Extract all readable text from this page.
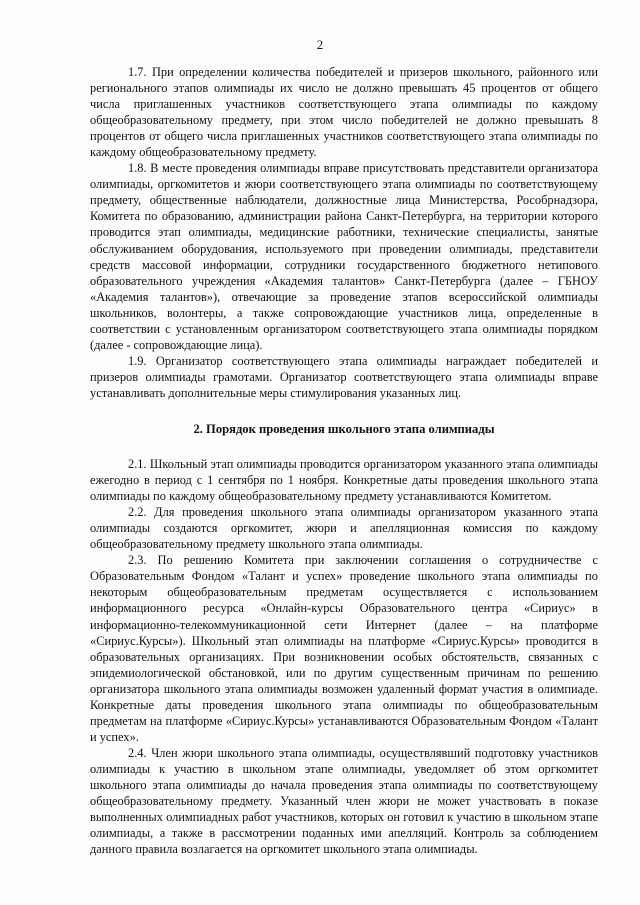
2

1.7. При определении количества победителей и призеров школьного, районного или регионального этапов олимпиады их число не должно превышать 45 процентов от общего числа приглашенных участников соответствующего этапа олимпиады по каждому общеобразовательному предмету, при этом число победителей не должно превышать 8 процентов от общего числа приглашенных участников соответствующего этапа олимпиады по каждому общеобразовательному предмету.

1.8. В месте проведения олимпиады вправе присутствовать представители организатора олимпиады, оргкомитетов и жюри соответствующего этапа олимпиады по соответствующему предмету, общественные наблюдатели, должностные лица Министерства, Рособрнадзора, Комитета по образованию, администрации района Санкт-Петербурга, на территории которого проводится этап олимпиады, медицинские работники, технические специалисты, занятые обслуживанием оборудования, используемого при проведении олимпиады, представители средств массовой информации, сотрудники государственного бюджетного нетипового образовательного учреждения «Академия талантов» Санкт-Петербурга (далее – ГБНОУ «Академия талантов»), отвечающие за проведение этапов всероссийской олимпиады школьников, волонтеры, а также сопровождающие участников лица, определенные в соответствии с установленным организатором соответствующего этапа олимпиады порядком (далее - сопровождающие лица).

1.9. Организатор соответствующего этапа олимпиады награждает победителей и призеров олимпиады грамотами. Организатор соответствующего этапа олимпиады вправе устанавливать дополнительные меры стимулирования указанных лиц.

2. Порядок проведения школьного этапа олимпиады

2.1. Школьный этап олимпиады проводится организатором указанного этапа олимпиады ежегодно в период с 1 сентября по 1 ноября. Конкретные даты проведения школьного этапа олимпиады по каждому общеобразовательному предмету устанавливаются Комитетом.

2.2. Для проведения школьного этапа олимпиады организатором указанного этапа олимпиады создаются оргкомитет, жюри и апелляционная комиссия по каждому общеобразовательному предмету школьного этапа олимпиады.

2.3. По решению Комитета при заключении соглашения о сотрудничестве с Образовательным Фондом «Талант и успех» проведение школьного этапа олимпиады по некоторым общеобразовательным предметам осуществляется с использованием информационного ресурса «Онлайн-курсы Образовательного центра «Сириус» в информационно-телекоммуникационной сети Интернет (далее – на платформе «Сириус.Курсы»). Школьный этап олимпиады на платформе «Сириус.Курсы» проводится в образовательных организациях. При возникновении особых обстоятельств, связанных с эпидемиологической обстановкой, или по другим существенным причинам по решению организатора школьного этапа олимпиады возможен удаленный формат участия в олимпиаде. Конкретные даты проведения школьного этапа олимпиады по общеобразовательным предметам на платформе «Сириус.Курсы» устанавливаются Образовательным Фондом «Талант и успех».

2.4. Член жюри школьного этапа олимпиады, осуществлявший подготовку участников олимпиады к участию в школьном этапе олимпиады, уведомляет об этом оргкомитет школьного этапа олимпиады до начала проведения этапа олимпиады по соответствующему общеобразовательному предмету. Указанный член жюри не может участвовать в показе выполненных олимпиадных работ участников, которых он готовил к участию в школьном этапе олимпиады, а также в рассмотрении поданных ими апелляций. Контроль за соблюдением данного правила возлагается на оргкомитет школьного этапа олимпиады.
